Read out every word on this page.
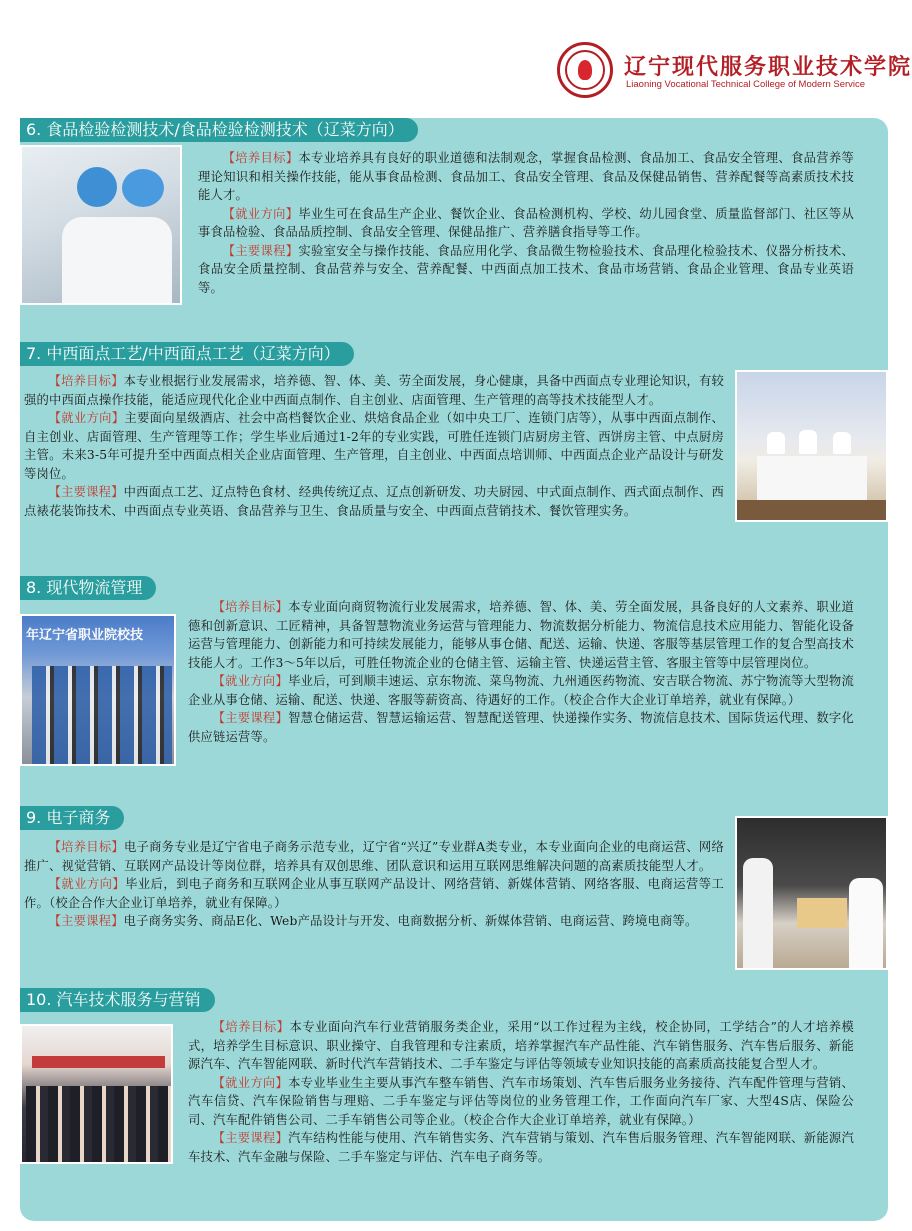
辽宁现代服务职业技术学院
Liaoning Vocational Technical College of Modern Service
6. 食品检验检测技术/食品检验检测技术（辽菜方向）

【培养目标】本专业培养具有良好的职业道德和法制观念，掌握食品检测、食品加工、食品安全管理、食品营养等理论知识和相关操作技能，能从事食品检测、食品加工、食品安全管理、食品及保健品销售、营养配餐等高素质技术技能人才。

【就业方向】毕业生可在食品生产企业、餐饮企业、食品检测机构、学校、幼儿园食堂、质量监督部门、社区等从事食品检验、食品品质控制、食品安全管理、保健品推广、营养膳食指导等工作。

【主要课程】实验室安全与操作技能、食品应用化学、食品微生物检验技术、食品理化检验技术、仪器分析技术、食品安全质量控制、食品营养与安全、营养配餐、中西面点加工技术、食品市场营销、食品企业管理、食品专业英语等。

7. 中西面点工艺/中西面点工艺（辽菜方向）

【培养目标】本专业根据行业发展需求，培养德、智、体、美、劳全面发展，身心健康，具备中西面点专业理论知识，有较强的中西面点操作技能，能适应现代化企业中西面点制作、自主创业、店面管理、生产管理的高等技术技能型人才。

【就业方向】主要面向星级酒店、社会中高档餐饮企业、烘焙食品企业（如中央工厂、连锁门店等），从事中西面点制作、自主创业、店面管理、生产管理等工作；学生毕业后通过1-2年的专业实践，可胜任连锁门店厨房主管、西饼房主管、中点厨房主管。未来3-5年可提升至中西面点相关企业店面管理、生产管理，自主创业、中西面点培训师、中西面点企业产品设计与研发等岗位。

【主要课程】中西面点工艺、辽点特色食材、经典传统辽点、辽点创新研发、功夫厨园、中式面点制作、西式面点制作、西点裱花装饰技术、中西面点专业英语、食品营养与卫生、食品质量与安全、中西面点营销技术、餐饮管理实务。

8. 现代物流管理
年辽宁省职业院校技

【培养目标】本专业面向商贸物流行业发展需求，培养德、智、体、美、劳全面发展，具备良好的人文素养、职业道德和创新意识、工匠精神，具备智慧物流业务运营与管理能力、物流数据分析能力、物流信息技术应用能力、智能化设备运营与管理能力、创新能力和可持续发展能力，能够从事仓储、配送、运输、快递、客服等基层管理工作的复合型高技术技能人才。工作3～5年以后，可胜任物流企业的仓储主管、运输主管、快递运营主管、客服主管等中层管理岗位。

【就业方向】毕业后，可到顺丰速运、京东物流、菜鸟物流、九州通医药物流、安吉联合物流、苏宁物流等大型物流企业从事仓储、运输、配送、快递、客服等薪资高、待遇好的工作。（校企合作大企业订单培养，就业有保障。）

【主要课程】智慧仓储运营、智慧运输运营、智慧配送管理、快递操作实务、物流信息技术、国际货运代理、数字化供应链运营等。

9. 电子商务

【培养目标】电子商务专业是辽宁省电子商务示范专业，辽宁省“兴辽”专业群A类专业，本专业面向企业的电商运营、网络推广、视觉营销、互联网产品设计等岗位群，培养具有双创思维、团队意识和运用互联网思维解决问题的高素质技能型人才。

【就业方向】毕业后，到电子商务和互联网企业从事互联网产品设计、网络营销、新媒体营销、网络客服、电商运营等工作。（校企合作大企业订单培养，就业有保障。）

【主要课程】电子商务实务、商品E化、Web产品设计与开发、电商数据分析、新媒体营销、电商运营、跨境电商等。

10. 汽车技术服务与营销

【培养目标】本专业面向汽车行业营销服务类企业，采用“以工作过程为主线，校企协同，工学结合”的人才培养模式，培养学生目标意识、职业操守、自我管理和专注素质，培养掌握汽车产品性能、汽车销售服务、汽车售后服务、新能源汽车、汽车智能网联、新时代汽车营销技术、二手车鉴定与评估等领域专业知识技能的高素质高技能复合型人才。

【就业方向】本专业毕业生主要从事汽车整车销售、汽车市场策划、汽车售后服务业务接待、汽车配件管理与营销、汽车信贷、汽车保险销售与理赔、二手车鉴定与评估等岗位的业务管理工作，工作面向汽车厂家、大型4S店、保险公司、汽车配件销售公司、二手车销售公司等企业。（校企合作大企业订单培养，就业有保障。）

【主要课程】汽车结构性能与使用、汽车销售实务、汽车营销与策划、汽车售后服务管理、汽车智能网联、新能源汽车技术、汽车金融与保险、二手车鉴定与评估、汽车电子商务等。
